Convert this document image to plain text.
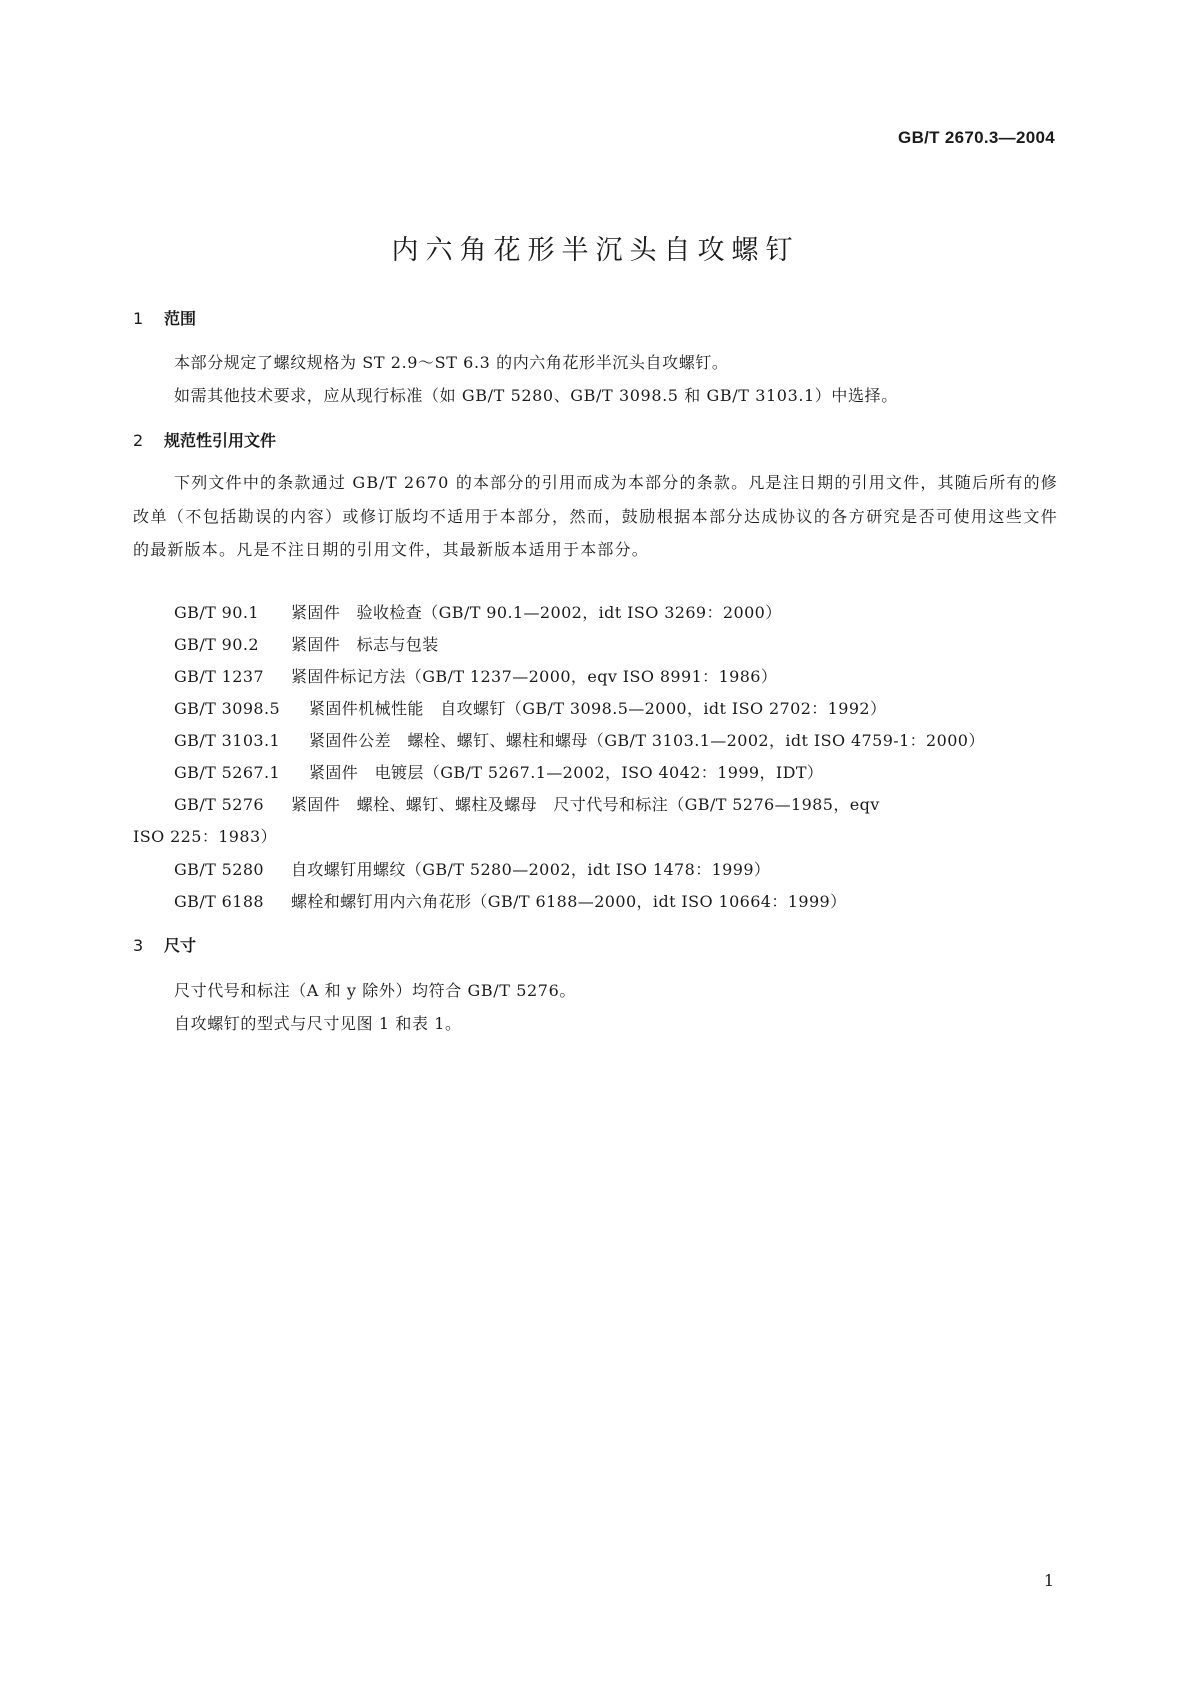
GB/T 2670.3—2004
内六角花形半沉头自攻螺钉
1 范围
本部分规定了螺纹规格为 ST 2.9～ST 6.3 的内六角花形半沉头自攻螺钉。
如需其他技术要求，应从现行标准（如 GB/T 5280、GB/T 3098.5 和 GB/T 3103.1）中选择。
2 规范性引用文件
下列文件中的条款通过 GB/T 2670 的本部分的引用而成为本部分的条款。凡是注日期的引用文件，其随后所有的修改单（不包括勘误的内容）或修订版均不适用于本部分，然而，鼓励根据本部分达成协议的各方研究是否可使用这些文件的最新版本。凡是不注日期的引用文件，其最新版本适用于本部分。
GB/T 90.1 紧固件　验收检查（GB/T 90.1—2002，idt ISO 3269：2000）
GB/T 90.2 紧固件　标志与包装
GB/T 1237 紧固件标记方法（GB/T 1237—2000，eqv ISO 8991：1986）
GB/T 3098.5 紧固件机械性能　自攻螺钉（GB/T 3098.5—2000，idt ISO 2702：1992）
GB/T 3103.1 紧固件公差　螺栓、螺钉、螺柱和螺母（GB/T 3103.1—2002，idt ISO 4759-1：2000）
GB/T 5267.1 紧固件　电镀层（GB/T 5267.1—2002，ISO 4042：1999，IDT）
GB/T 5276 紧固件　螺栓、螺钉、螺柱及螺母　尺寸代号和标注（GB/T 5276—1985，eqv
ISO 225：1983）
GB/T 5280 自攻螺钉用螺纹（GB/T 5280—2002，idt ISO 1478：1999）
GB/T 6188 螺栓和螺钉用内六角花形（GB/T 6188—2000，idt ISO 10664：1999）
3 尺寸
尺寸代号和标注（A 和 y 除外）均符合 GB/T 5276。
自攻螺钉的型式与尺寸见图 1 和表 1。
1
